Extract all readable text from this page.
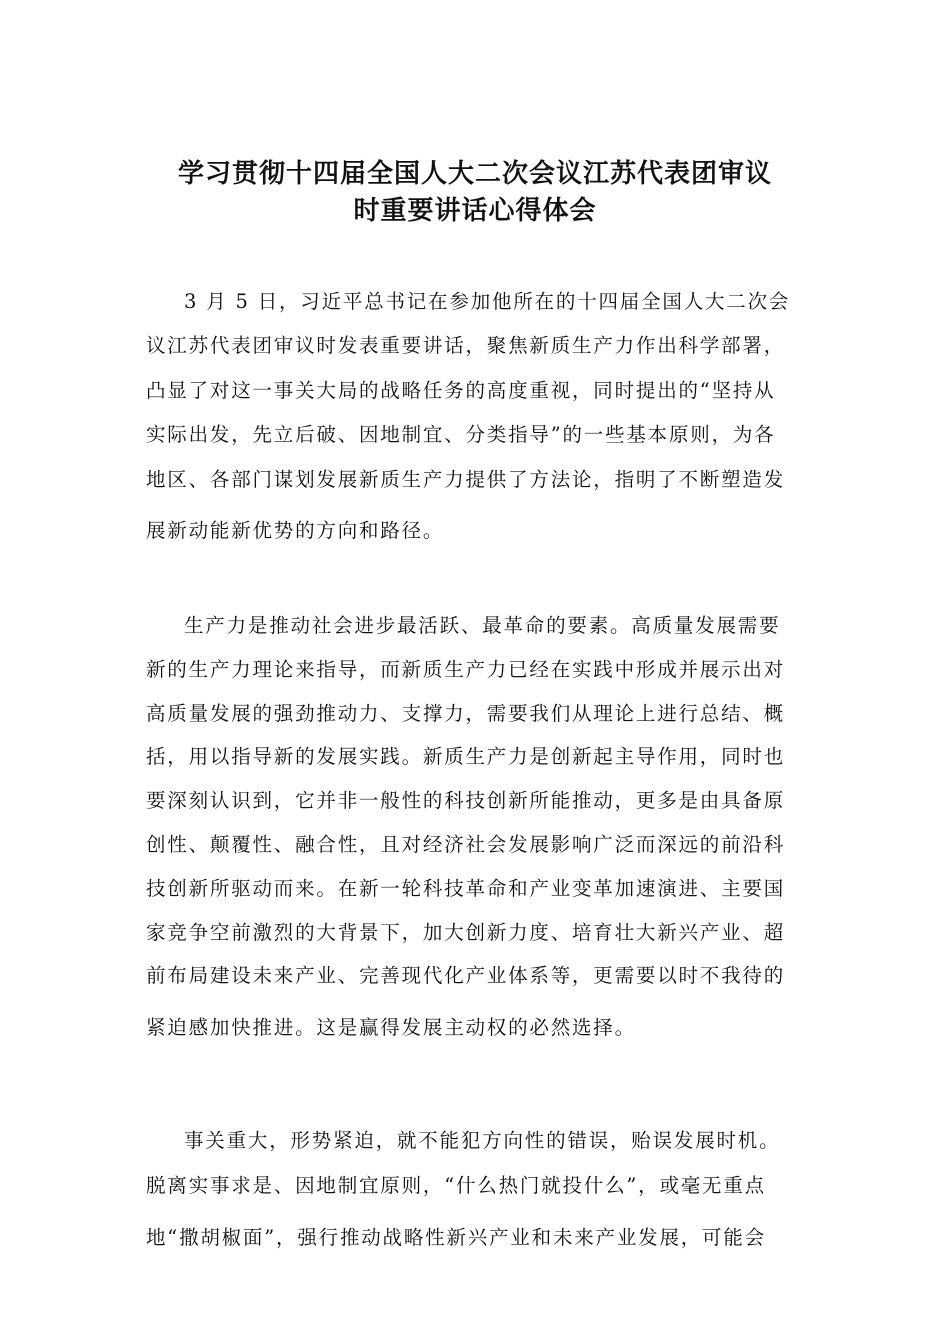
学习贯彻十四届全国人大二次会议江苏代表团审议
时重要讲话心得体会
3 月 5 日，习近平总书记在参加他所在的十四届全国人大二次会
议江苏代表团审议时发表重要讲话，聚焦新质生产力作出科学部署，
凸显了对这一事关大局的战略任务的高度重视，同时提出的“坚持从
实际出发，先立后破、因地制宜、分类指导”的一些基本原则，为各
地区、各部门谋划发展新质生产力提供了方法论，指明了不断塑造发
展新动能新优势的方向和路径。
生产力是推动社会进步最活跃、最革命的要素。高质量发展需要
新的生产力理论来指导，而新质生产力已经在实践中形成并展示出对
高质量发展的强劲推动力、支撑力，需要我们从理论上进行总结、概
括，用以指导新的发展实践。新质生产力是创新起主导作用，同时也
要深刻认识到，它并非一般性的科技创新所能推动，更多是由具备原
创性、颠覆性、融合性，且对经济社会发展影响广泛而深远的前沿科
技创新所驱动而来。在新一轮科技革命和产业变革加速演进、主要国
家竞争空前激烈的大背景下，加大创新力度、培育壮大新兴产业、超
前布局建设未来产业、完善现代化产业体系等，更需要以时不我待的
紧迫感加快推进。这是赢得发展主动权的必然选择。
事关重大，形势紧迫，就不能犯方向性的错误，贻误发展时机。
脱离实事求是、因地制宜原则，“什么热门就投什么”，或毫无重点
地“撒胡椒面”，强行推动战略性新兴产业和未来产业发展，可能会
